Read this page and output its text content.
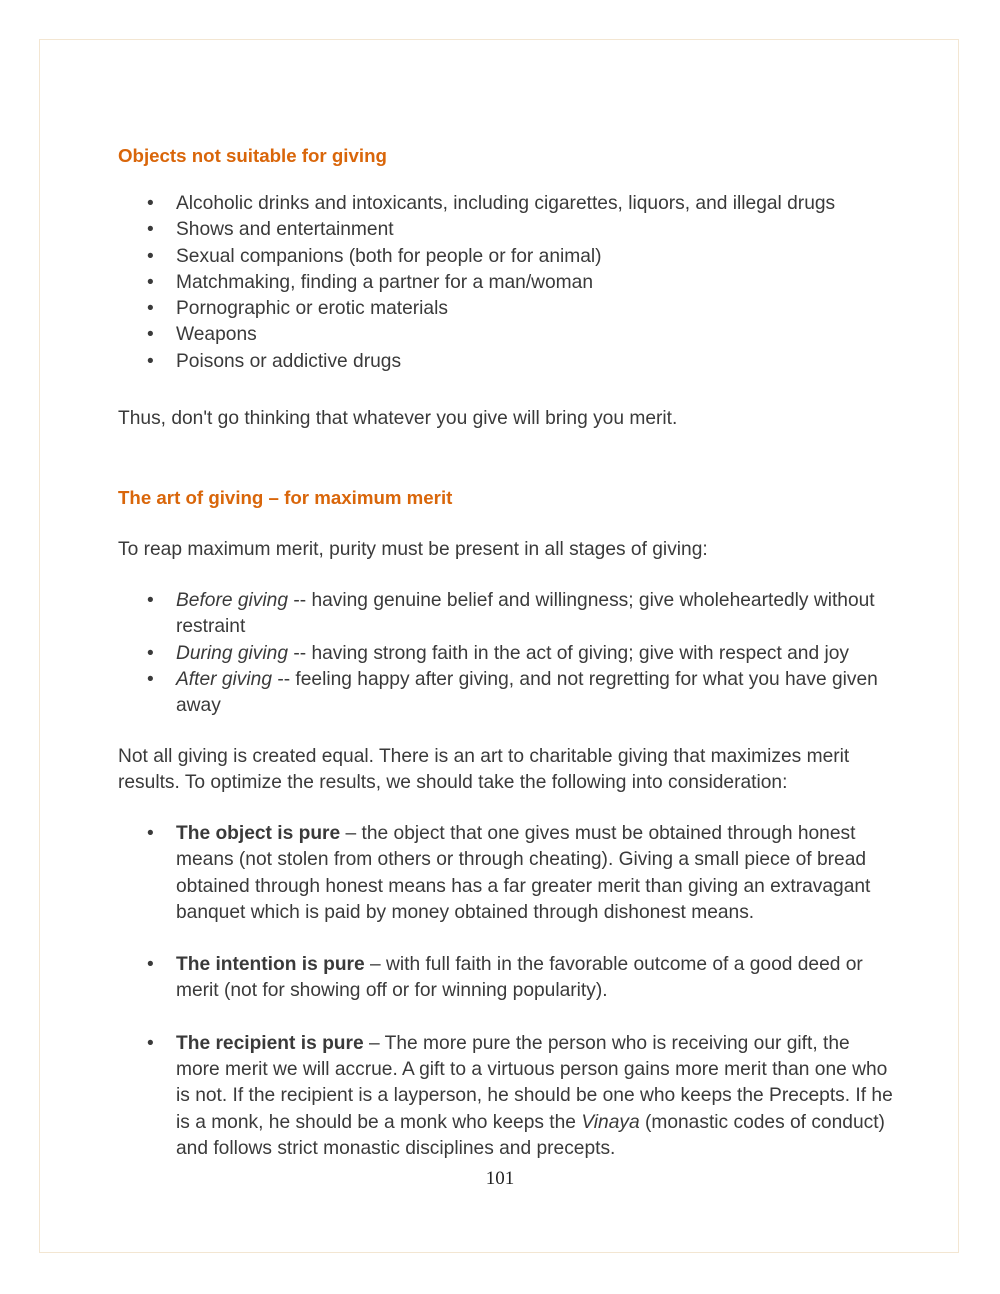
Objects not suitable for giving
• Alcoholic drinks and intoxicants, including cigarettes, liquors, and illegal drugs
• Shows and entertainment
• Sexual companions (both for people or for animal)
• Matchmaking, finding a partner for a man/woman
• Pornographic or erotic materials
• Weapons
• Poisons or addictive drugs
Thus, don't go thinking that whatever you give will bring you merit.
The art of giving – for maximum merit
To reap maximum merit, purity must be present in all stages of giving:
• Before giving -- having genuine belief and willingness; give wholeheartedly without restraint
• During giving -- having strong faith in the act of giving; give with respect and joy
• After giving -- feeling happy after giving, and not regretting for what you have given away
Not all giving is created equal. There is an art to charitable giving that maximizes merit results. To optimize the results, we should take the following into consideration:
• The object is pure – the object that one gives must be obtained through honest means (not stolen from others or through cheating). Giving a small piece of bread obtained through honest means has a far greater merit than giving an extravagant banquet which is paid by money obtained through dishonest means.
• The intention is pure – with full faith in the favorable outcome of a good deed or merit (not for showing off or for winning popularity).
• The recipient is pure – The more pure the person who is receiving our gift, the more merit we will accrue. A gift to a virtuous person gains more merit than one who is not. If the recipient is a layperson, he should be one who keeps the Precepts. If he is a monk, he should be a monk who keeps the Vinaya (monastic codes of conduct) and follows strict monastic disciplines and precepts.
101
